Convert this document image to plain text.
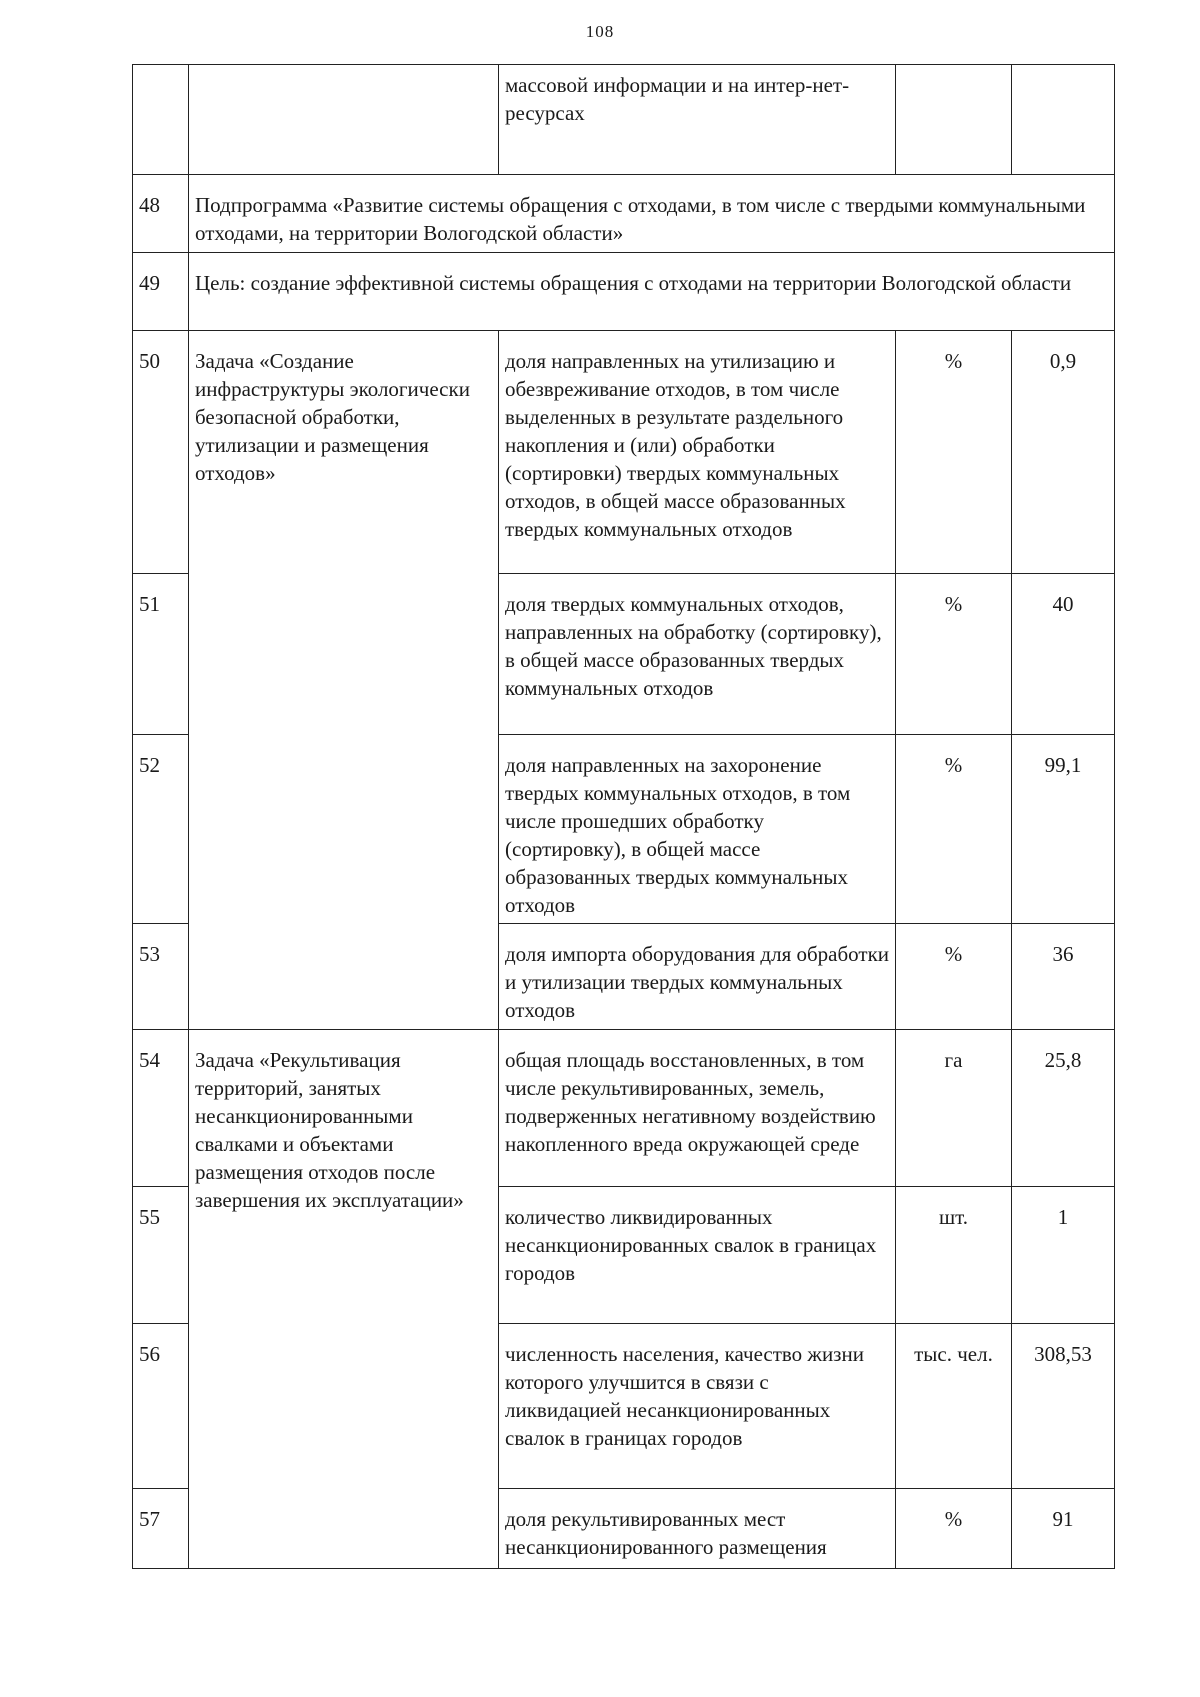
108
		массовой информации и на интер-нет-ресурсах		
48	Подпрограмма «Развитие системы обращения с отходами, в том числе с твердыми коммунальными отходами, на территории Вологодской области»			
49	Цель: создание эффективной системы обращения с отходами на территории Вологодской области			
50	Задача «Создание инфраструктуры экологически безопасной обработки, утилизации и размещения отходов»	доля направленных на утилизацию и обезвреживание отходов, в том числе выделенных в результате раздельного накопления и (или) обработки (сортировки) твердых коммунальных отходов, в общей массе образованных твердых коммунальных отходов	%	0,9
51		доля твердых коммунальных отходов, направленных на обработку (сортировку), в общей массе образованных твердых коммунальных отходов	%	40
52		доля направленных на захоронение твердых коммунальных отходов, в том числе прошедших обработку (сортировку), в общей массе образованных твердых коммунальных отходов	%	99,1
53		доля импорта оборудования для обработки и утилизации твердых коммунальных отходов	%	36
54	Задача «Рекультивация территорий, занятых несанкционированными свалками и объектами размещения отходов после завершения их эксплуатации»	общая площадь восстановленных, в том числе рекультивированных, земель, подверженных негативному воздействию накопленного вреда окружающей среде	га	25,8
55		количество ликвидированных несанкционированных свалок в границах городов	шт.	1
56		численность населения, качество жизни которого улучшится в связи с ликвидацией несанкционированных свалок в границах городов	тыс. чел.	308,53
57		доля рекультивированных мест несанкционированного размещения	%	91
